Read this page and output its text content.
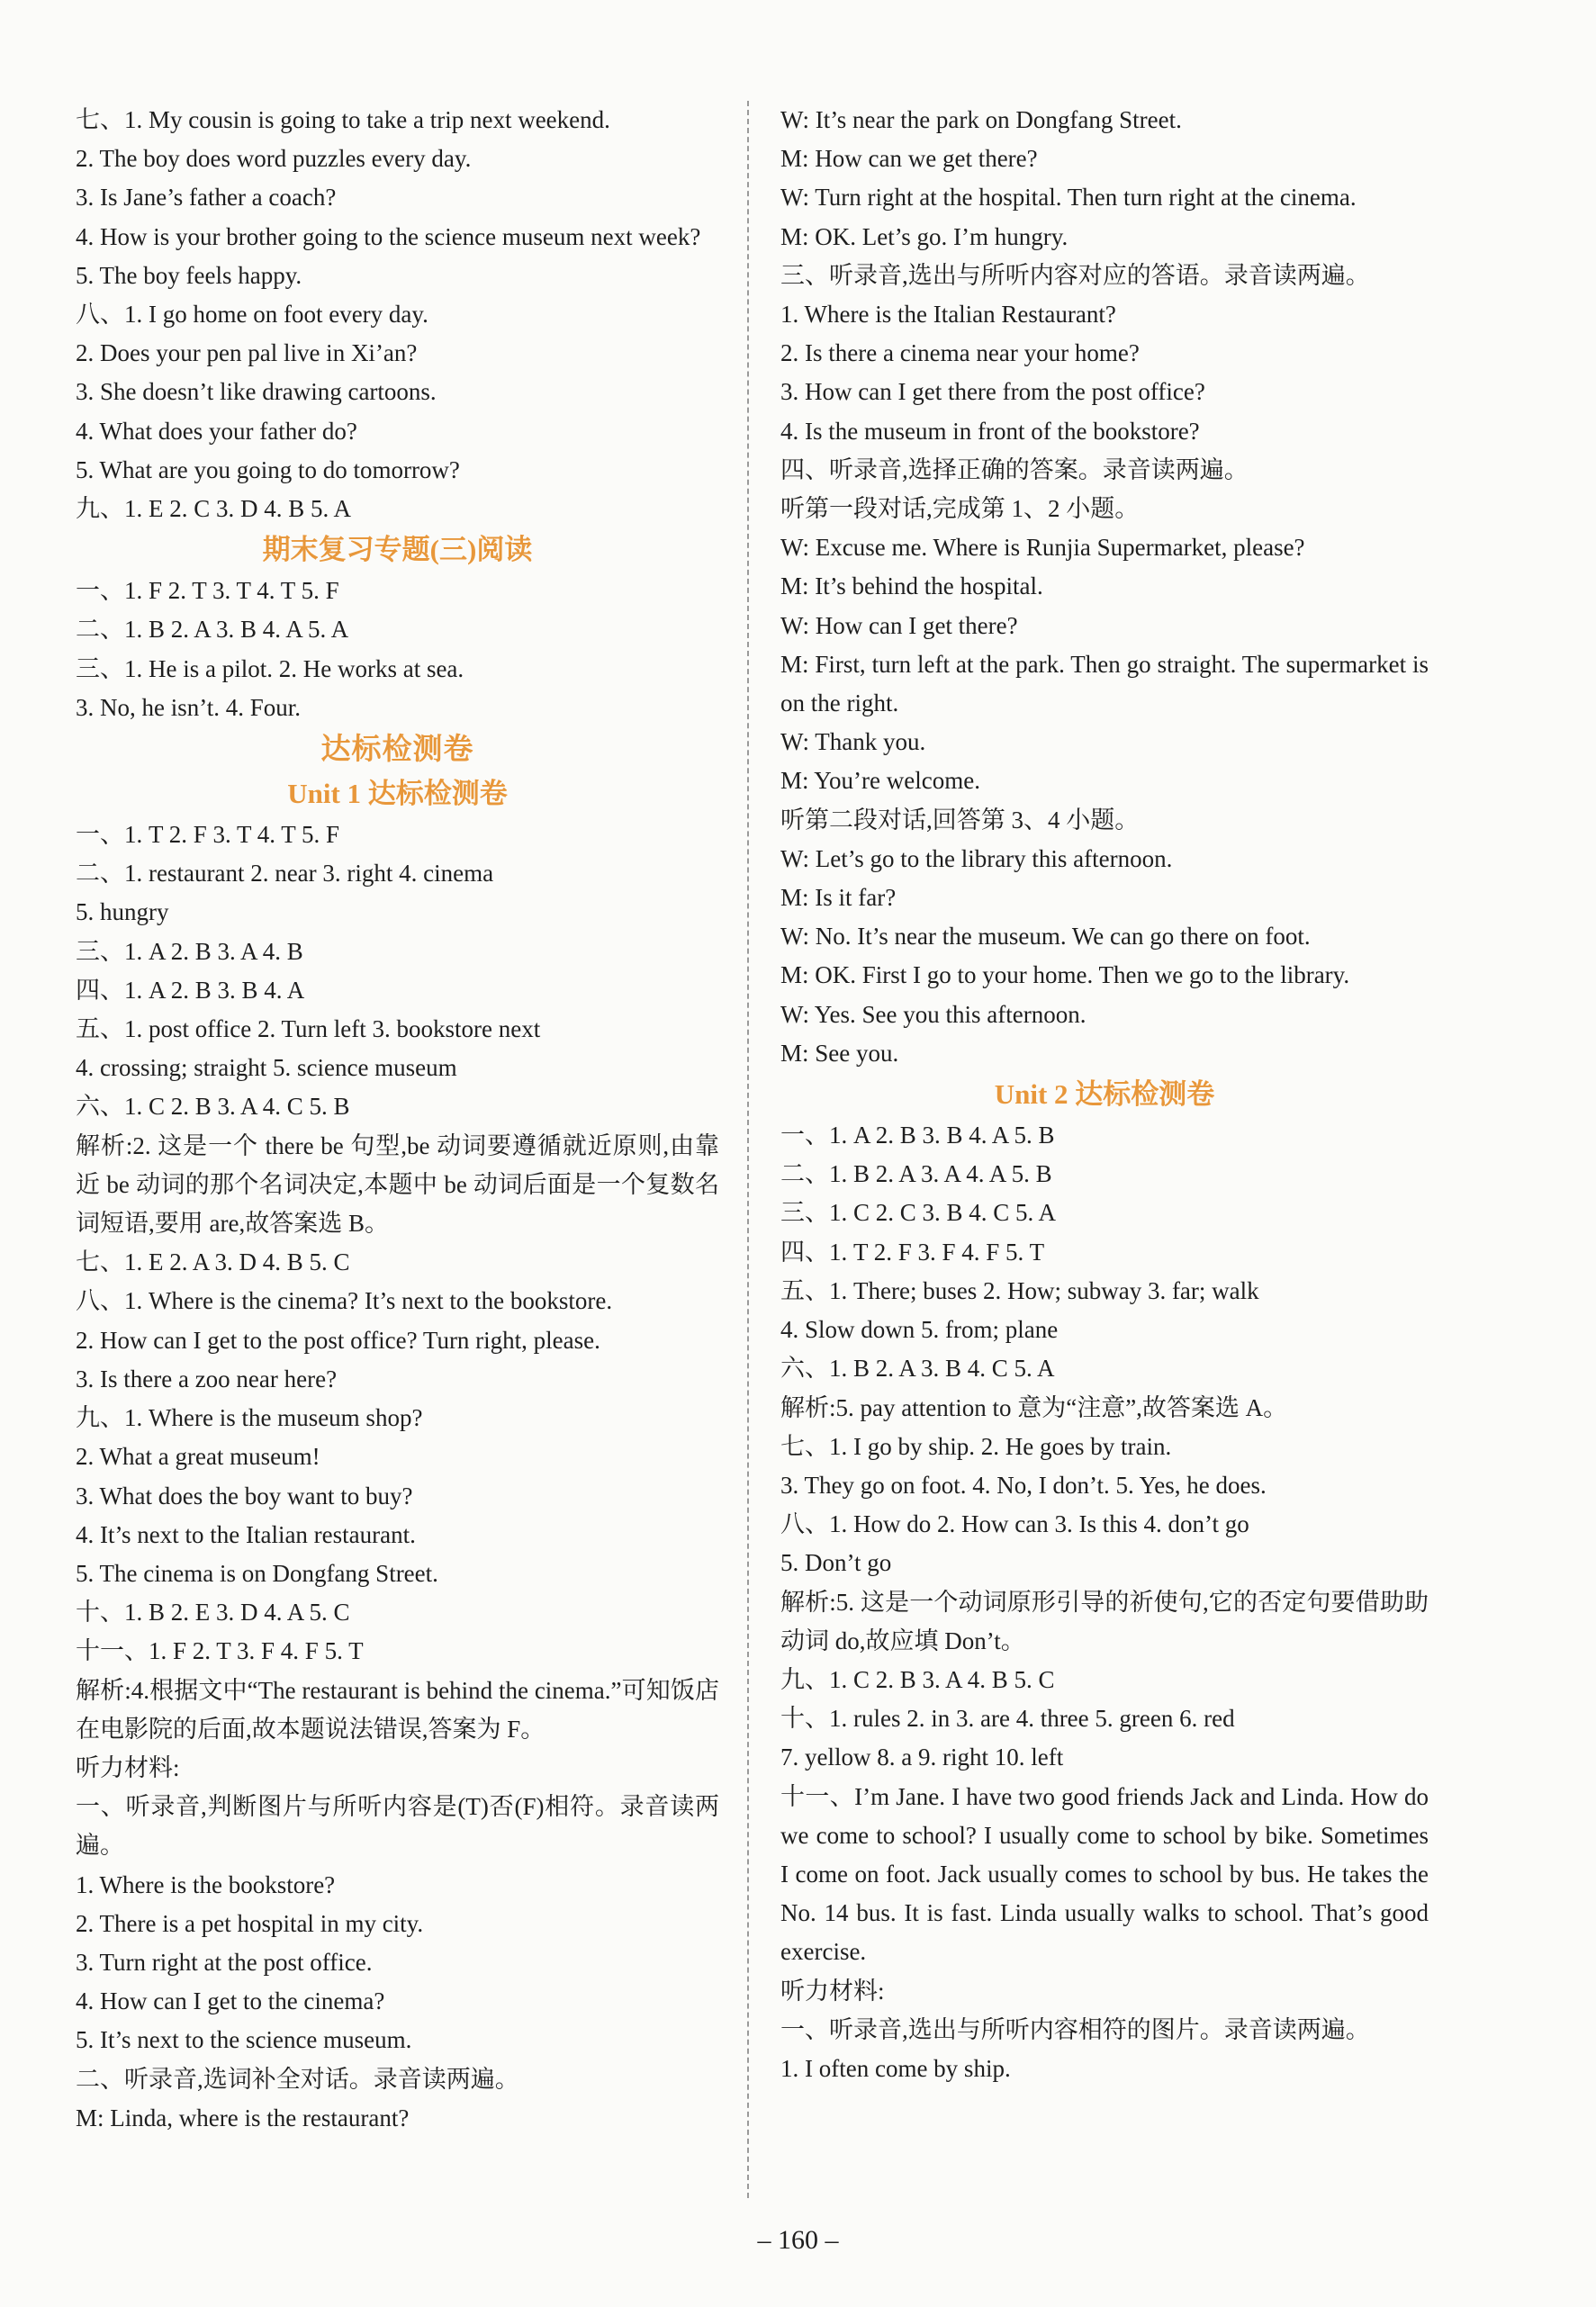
七、1. My cousin is going to take a trip next weekend.
2. The boy does word puzzles every day.
3. Is Jane’s father a coach?
4. How is your brother going to the science museum next week?
5. The boy feels happy.
八、1. I go home on foot every day.
2. Does your pen pal live in Xi’an?
3. She doesn’t like drawing cartoons.
4. What does your father do?
5. What are you going to do tomorrow?
九、1. E 2. C 3. D 4. B 5. A
期末复习专题(三)阅读
一、1. F 2. T 3. T 4. T 5. F
二、1. B 2. A 3. B 4. A 5. A
三、1. He is a pilot. 2. He works at sea.
3. No, he isn’t. 4. Four.
达标检测卷
Unit 1 达标检测卷
一、1. T 2. F 3. T 4. T 5. F
二、1. restaurant 2. near 3. right 4. cinema
5. hungry
三、1. A 2. B 3. A 4. B
四、1. A 2. B 3. B 4. A
五、1. post office 2. Turn left 3. bookstore next
4. crossing; straight 5. science museum
六、1. C 2. B 3. A 4. C 5. B
解析:2. 这是一个 there be 句型,be 动词要遵循就近原则,由靠近 be 动词的那个名词决定,本题中 be 动词后面是一个复数名词短语,要用 are,故答案选 B。
七、1. E 2. A 3. D 4. B 5. C
八、1. Where is the cinema? It’s next to the bookstore.
2. How can I get to the post office? Turn right, please.
3. Is there a zoo near here?
九、1. Where is the museum shop?
2. What a great museum!
3. What does the boy want to buy?
4. It’s next to the Italian restaurant.
5. The cinema is on Dongfang Street.
十、1. B 2. E 3. D 4. A 5. C
十一、1. F 2. T 3. F 4. F 5. T
解析:4.根据文中“The restaurant is behind the cinema.”可知饭店在电影院的后面,故本题说法错误,答案为 F。
听力材料:
一、听录音,判断图片与所听内容是(T)否(F)相符。录音读两遍。
1. Where is the bookstore?
2. There is a pet hospital in my city.
3. Turn right at the post office.
4. How can I get to the cinema?
5. It’s next to the science museum.
二、听录音,选词补全对话。录音读两遍。
M: Linda, where is the restaurant?
W: It’s near the park on Dongfang Street.
M: How can we get there?
W: Turn right at the hospital. Then turn right at the cinema.
M: OK. Let’s go. I’m hungry.
三、听录音,选出与所听内容对应的答语。录音读两遍。
1. Where is the Italian Restaurant?
2. Is there a cinema near your home?
3. How can I get there from the post office?
4. Is the museum in front of the bookstore?
四、听录音,选择正确的答案。录音读两遍。
听第一段对话,完成第 1、2 小题。
W: Excuse me. Where is Runjia Supermarket, please?
M: It’s behind the hospital.
W: How can I get there?
M: First, turn left at the park. Then go straight. The supermarket is on the right.
W: Thank you.
M: You’re welcome.
听第二段对话,回答第 3、4 小题。
W: Let’s go to the library this afternoon.
M: Is it far?
W: No. It’s near the museum. We can go there on foot.
M: OK. First I go to your home. Then we go to the library.
W: Yes. See you this afternoon.
M: See you.
Unit 2 达标检测卷
一、1. A 2. B 3. B 4. A 5. B
二、1. B 2. A 3. A 4. A 5. B
三、1. C 2. C 3. B 4. C 5. A
四、1. T 2. F 3. F 4. F 5. T
五、1. There; buses 2. How; subway 3. far; walk
4. Slow down 5. from; plane
六、1. B 2. A 3. B 4. C 5. A
解析:5. pay attention to 意为“注意”,故答案选 A。
七、1. I go by ship. 2. He goes by train.
3. They go on foot. 4. No, I don’t. 5. Yes, he does.
八、1. How do 2. How can 3. Is this 4. don’t go
5. Don’t go
解析:5. 这是一个动词原形引导的祈使句,它的否定句要借助助动词 do,故应填 Don’t。
九、1. C 2. B 3. A 4. B 5. C
十、1. rules 2. in 3. are 4. three 5. green 6. red
7. yellow 8. a 9. right 10. left
十一、I’m Jane. I have two good friends Jack and Linda. How do we come to school? I usually come to school by bike. Sometimes I come on foot. Jack usually comes to school by bus. He takes the No. 14 bus. It is fast. Linda usually walks to school. That’s good exercise.
听力材料:
一、听录音,选出与所听内容相符的图片。录音读两遍。
1. I often come by ship.
– 160 –
